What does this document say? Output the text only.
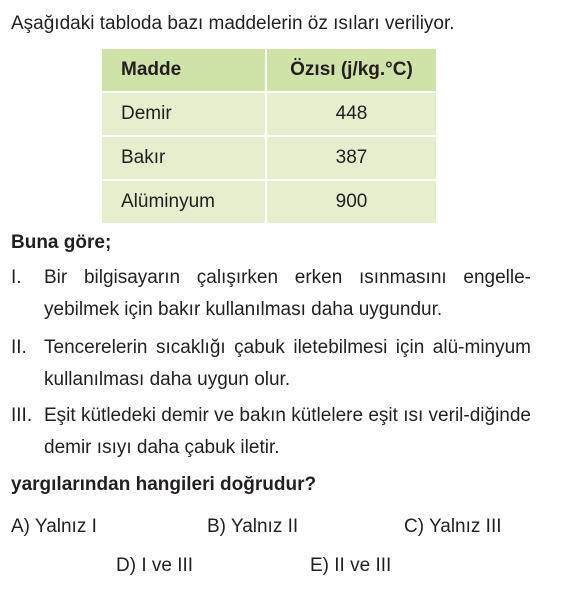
Aşağıdaki tabloda bazı maddelerin öz ısıları veriliyor.
Madde	Özısı (j/kg.°C)
Demir	448
Bakır	387
Alüminyum	900
Buna göre;
I. Bir bilgisayarın çalışırken erken ısınmasını engelle-yebilmek için bakır kullanılması daha uygundur.
II. Tencerelerin sıcaklığı çabuk iletebilmesi için alü-minyum kullanılması daha uygun olur.
III. Eşit kütledeki demir ve bakın kütlelere eşit ısı veril-diğinde demir ısıyı daha çabuk iletir.
yargılarından hangileri doğrudur?
A) Yalnız I	B) Yalnız II	C) Yalnız III
D) I ve III	E) II ve III
